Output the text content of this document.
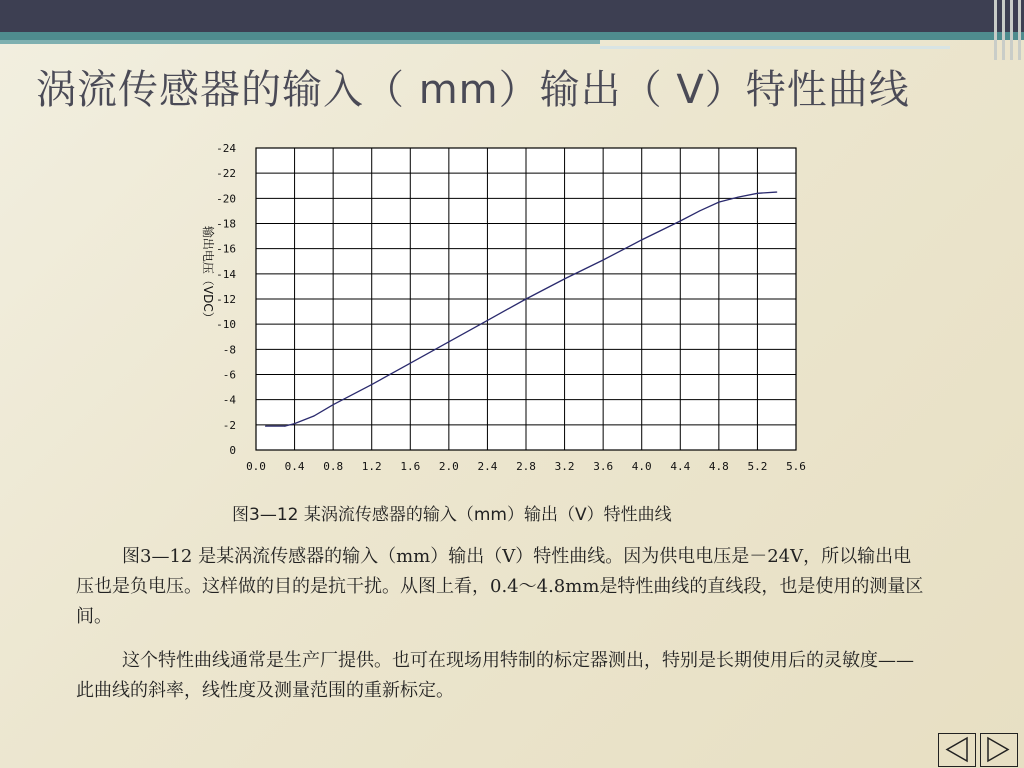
涡流传感器的输入（ mm）输出（ V）特性曲线
0.0 0.4 0.8 1.2 1.6 2.0 2.4 2.8 3.2 3.6 4.0 4.4 4.8 5.2 5.6
0
-2
-4
-6
-8
-10
-12
-14
-16
-18
-20
-22
-24
输出电压（VDC）
图3—12 某涡流传感器的输入（mm）输出（V）特性曲线

图3—12 是某涡流传感器的输入（mm）输出（V）特性曲线。因为供电电压是－24V，所以输出电压也是负电压。这样做的目的是抗干扰。从图上看，0.4～4.8mm是特性曲线的直线段，也是使用的测量区间。

这个特性曲线通常是生产厂提供。也可在现场用特制的标定器测出，特别是长期使用后的灵敏度——此曲线的斜率，线性度及测量范围的重新标定。
